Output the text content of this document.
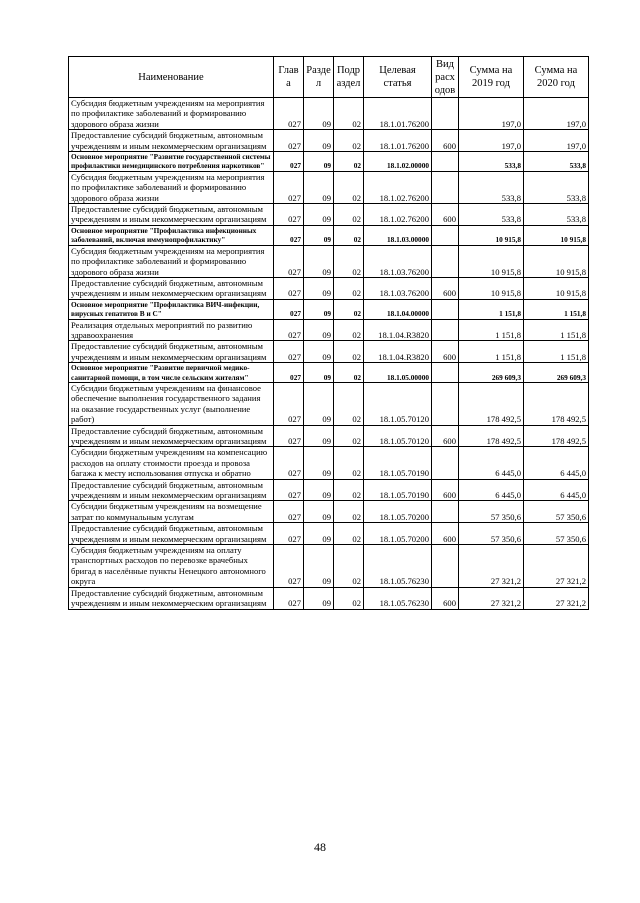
Наименование	Глав а	Разде л	Подр аздел	Целевая статья	Вид расх одов	Сумма на 2019 год	Сумма на 2020 год
Субсидия бюджетным учреждениям на мероприятия по профилактике заболеваний и формированию здорового образа жизни	027	09	02	18.1.01.76200		197,0	197,0
Предоставление субсидий бюджетным, автономным учреждениям и иным некоммерческим организациям	027	09	02	18.1.01.76200	600	197,0	197,0
Основное мероприятие "Развитие государственной системы профилактики немедицинского потребления наркотиков"	027	09	02	18.1.02.00000		533,8	533,8
Субсидия бюджетным учреждениям на мероприятия по профилактике заболеваний и формированию здорового образа жизни	027	09	02	18.1.02.76200		533,8	533,8
Предоставление субсидий бюджетным, автономным учреждениям и иным некоммерческим организациям	027	09	02	18.1.02.76200	600	533,8	533,8
Основное мероприятие "Профилактика инфекционных заболеваний, включая иммунопрофилактику"	027	09	02	18.1.03.00000		10 915,8	10 915,8
Субсидия бюджетным учреждениям на мероприятия по профилактике заболеваний и формированию здорового образа жизни	027	09	02	18.1.03.76200		10 915,8	10 915,8
Предоставление субсидий бюджетным, автономным учреждениям и иным некоммерческим организациям	027	09	02	18.1.03.76200	600	10 915,8	10 915,8
Основное мероприятие "Профилактика ВИЧ-инфекции, вирусных гепатитов В и С"	027	09	02	18.1.04.00000		1 151,8	1 151,8
Реализация отдельных мероприятий по развитию здравоохранения	027	09	02	18.1.04.R3820		1 151,8	1 151,8
Предоставление субсидий бюджетным, автономным учреждениям и иным некоммерческим организациям	027	09	02	18.1.04.R3820	600	1 151,8	1 151,8
Основное мероприятие "Развитие первичной медико-санитарной помощи, в том числе сельским жителям"	027	09	02	18.1.05.00000		269 609,3	269 609,3
Субсидии бюджетным учреждениям на финансовое обеспечение выполнения государственного задания на оказание государственных услуг (выполнение работ)	027	09	02	18.1.05.70120		178 492,5	178 492,5
Предоставление субсидий бюджетным, автономным учреждениям и иным некоммерческим организациям	027	09	02	18.1.05.70120	600	178 492,5	178 492,5
Субсидии бюджетным учреждениям на компенсацию расходов на оплату стоимости проезда и провоза багажа к месту использования отпуска и обратно	027	09	02	18.1.05.70190		6 445,0	6 445,0
Предоставление субсидий бюджетным, автономным учреждениям и иным некоммерческим организациям	027	09	02	18.1.05.70190	600	6 445,0	6 445,0
Субсидии бюджетным учреждениям на возмещение затрат по коммунальным услугам	027	09	02	18.1.05.70200		57 350,6	57 350,6
Предоставление субсидий бюджетным, автономным учреждениям и иным некоммерческим организациям	027	09	02	18.1.05.70200	600	57 350,6	57 350,6
Субсидия бюджетным учреждениям на оплату транспортных расходов по перевозке врачебных бригад в населённые пункты Ненецкого автономного округа	027	09	02	18.1.05.76230		27 321,2	27 321,2
Предоставление субсидий бюджетным, автономным учреждениям и иным некоммерческим организациям	027	09	02	18.1.05.76230	600	27 321,2	27 321,2
48
